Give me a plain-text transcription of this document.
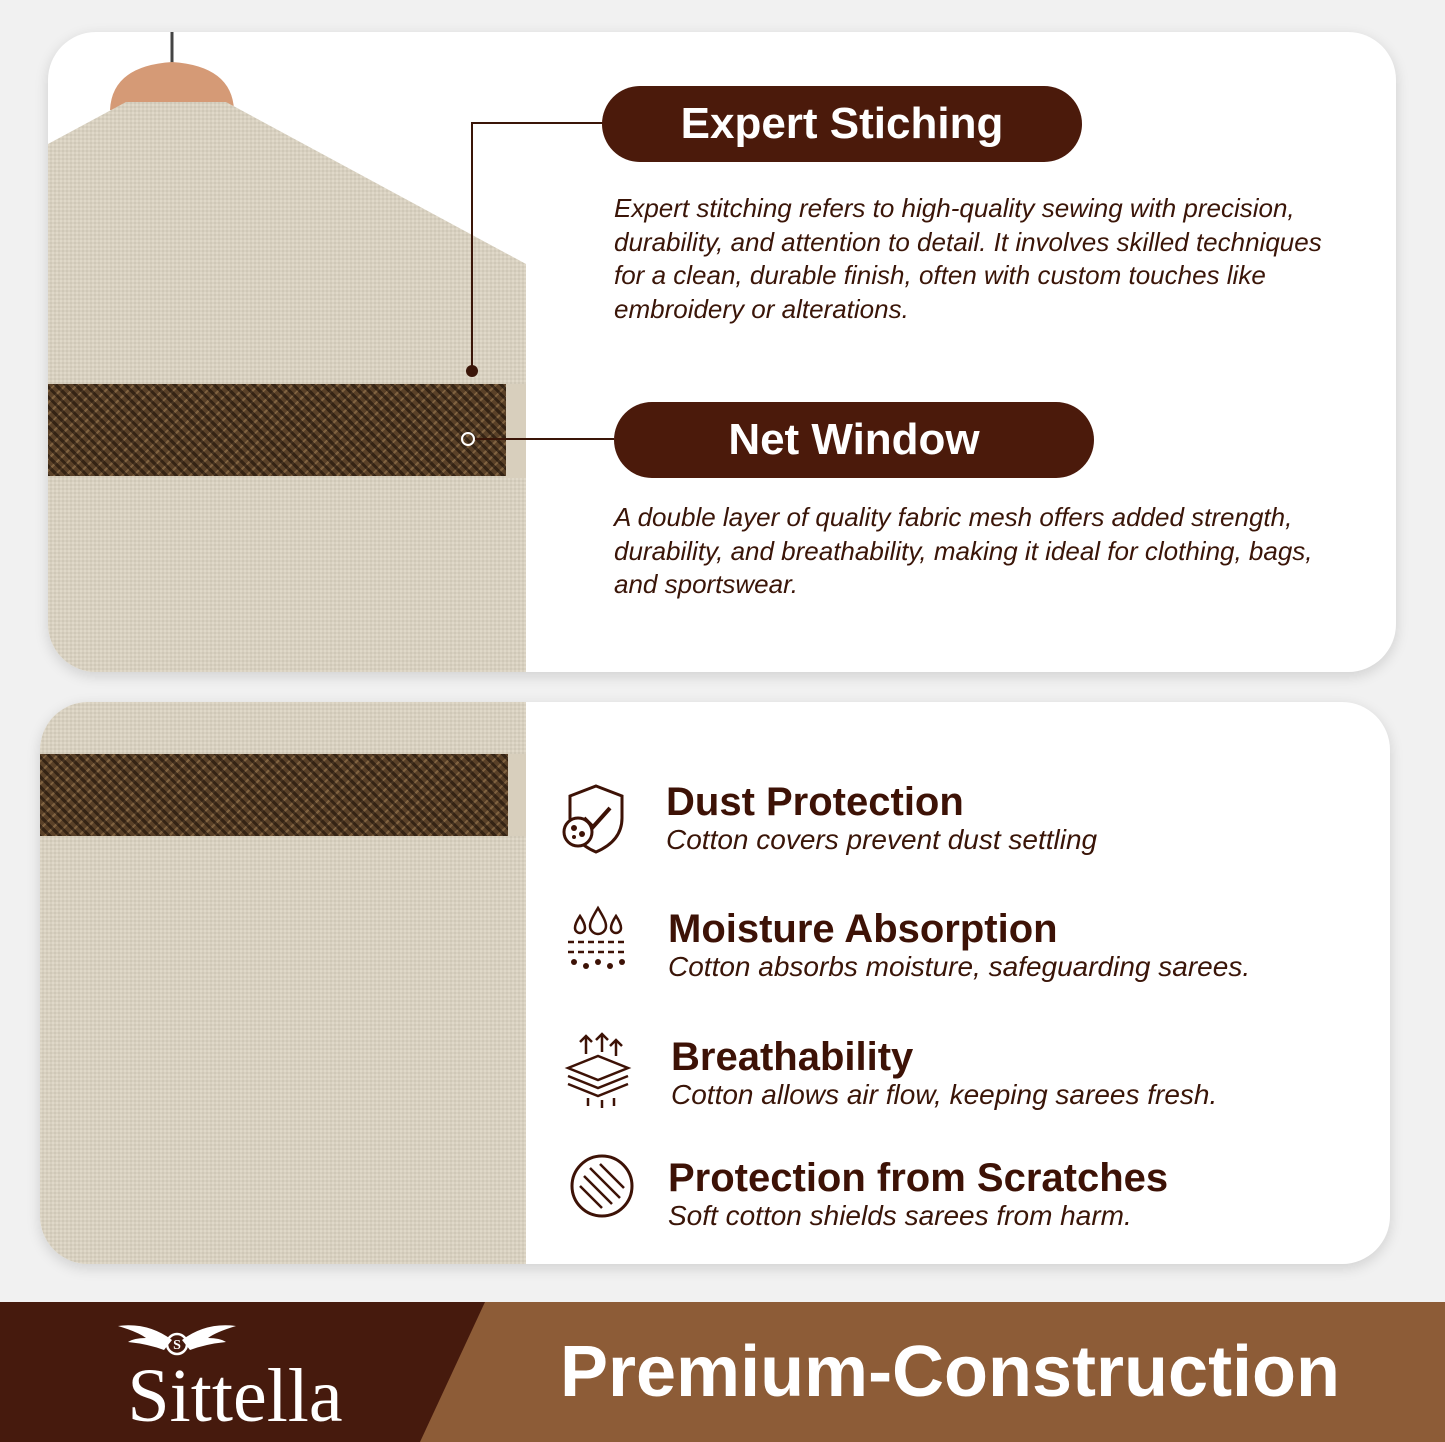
Expert Stiching

Expert stitching refers to high-quality sewing with precision, durability, and attention to detail. It involves skilled techniques for a clean, durable finish, often with custom touches like embroidery or alterations.

Net Window

A double layer of quality fabric mesh offers added strength, durability, and breathability, making it ideal for clothing, bags, and sportswear.

Dust Protection
Cotton covers prevent dust settling
Moisture Absorption
Cotton absorbs moisture, safeguarding sarees.
Breathability
Cotton allows air flow, keeping sarees fresh.
Protection from Scratches
Soft cotton shields sarees from harm.
S
Sittella	Premium-Construction
